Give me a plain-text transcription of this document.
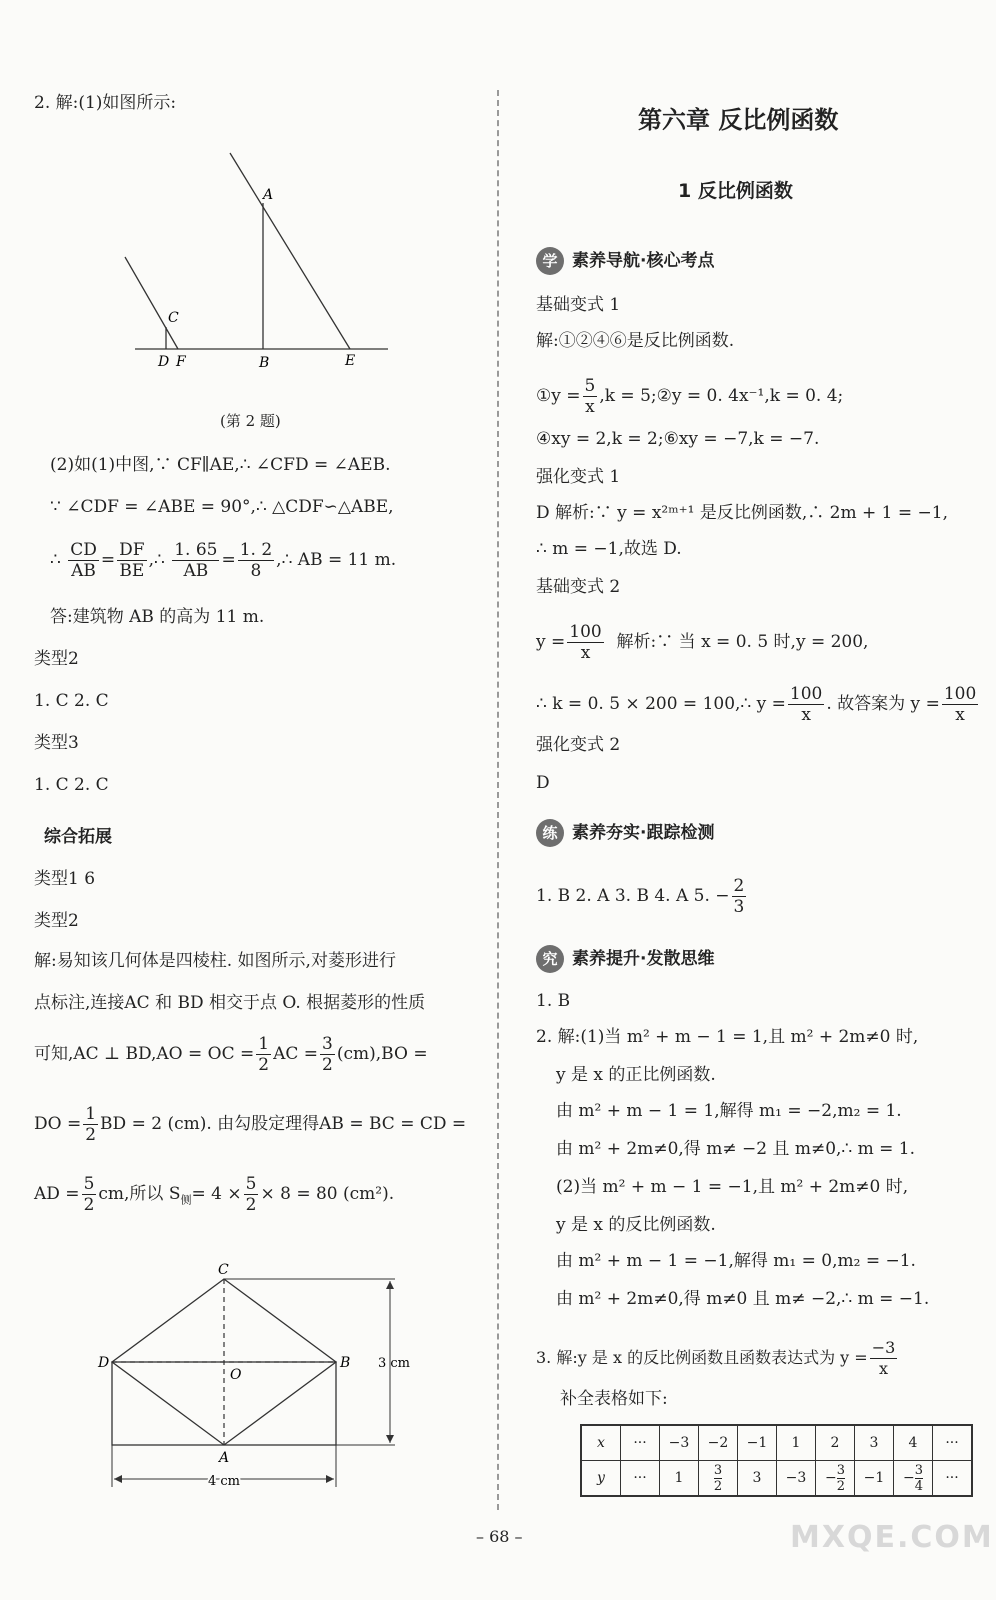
2. 解:(1)如图所示:
A
C
D F	B	E
(第 2 题)
(2)如(1)中图,∵ CF∥AE,∴ ∠CFD = ∠AEB.
∵ ∠CDF = ∠ABE = 90°,∴ △CDF∽△ABE,
∴ $\frac{CD}{AB} = \frac{DF}{BE}$ ,∴ $\frac{1. 65}{AB} = \frac{1. 2}{8}$ ,∴ AB = 11 m.
答:建筑物 AB 的高为 11 m.
类型2
1. C 2. C
类型3
1. C 2. C
综合拓展
类型1 6
类型2
解:易知该几何体是四棱柱. 如图所示,对菱形进行
点标注,连接AC 和 BD 相交于点 O. 根据菱形的性质
可知,AC ⊥ BD,AO = OC = $\frac{1}{2}$ AC = $\frac{3}{2} (cm),BO$ =
DO = $\frac{1}{2}$ BD = 2 (cm). 由勾股定理得AB = BC = CD =
AD = $\frac{5}{2}$ cm,所以 $S_侧= 4 \times \frac{5}{2} \times 8 = 80$ (cm²).
C
D
O
B
A
3 cm
4 cm
第六章 反比例函数
1 反比例函数
学 素养导航·核心考点
基础变式 1
解:①②④⑥是反比例函数.
①y = $\frac{5}{x} ,k$ = 5;②y = 0. 4x⁻¹,k = 0. 4;
④xy = 2,k = 2;⑥xy = −7,k = −7.
强化变式 1
D 解析:∵ y = x²ᵐ⁺¹ 是反比例函数,∴ 2m + 1 = −1,
∴ m = −1,故选 D.
基础变式 2
$y = \frac{100}{x}$ 解析:∵ 当 x = 0. 5 时,y = 200,
∴ k = 0. 5 × 200 = 100,∴ $y = \frac{100}{x}$ . 故答案为 $y = \frac{100}{x}$
强化变式 2
D
练 素养夯实·跟踪检测
1. B 2. A 3. B 4. A 5. − $\frac{2}{3}$
究 素养提升·发散思维
1. B
2. 解:(1)当 m² + m − 1 = 1,且 m² + 2m≠0 时,
y 是 x 的正比例函数.
由 m² + m − 1 = 1,解得 m₁ = −2,m₂ = 1.
由 m² + 2m≠0,得 m≠ −2 且 m≠0,∴ m = 1.
(2)当 m² + m − 1 = −1,且 m² + 2m≠0 时,
y 是 x 的反比例函数.
由 m² + m − 1 = −1,解得 m₁ = 0,m₂ = −1.
由 m² + 2m≠0,得 m≠0 且 m≠ −2,∴ m = −1.
3. 解:y 是 x 的反比例函数且函数表达式为 $y = \frac{-3}{x}$
补全表格如下:
x	···	−3	−2	−1	1	2	3	4	···
y	···	1	$\frac{3}{2}$	3	−3	− $\frac{3}{2}$	−1	− $\frac{3}{4}$	···
– 68 –	MXQE.COM
